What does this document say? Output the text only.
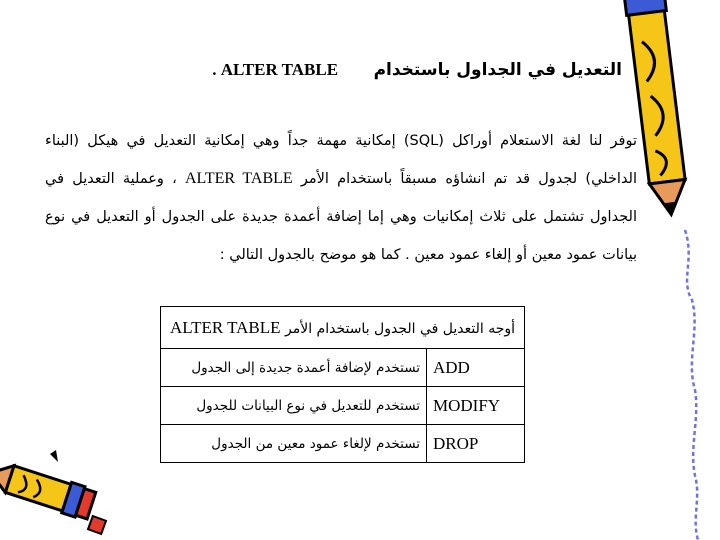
التعديل في الجداول باستخدام      ALTER TABLE .
توفر لنا لغة الاستعلام أوراكل (SQL) إمكانية مهمة جداً وهي إمكانية التعديل في هيكل (البناء الداخلي) لجدول قد تم انشاؤه مسبقاً باستخدام الأمر ALTER TABLE ، وعملية التعديل في الجداول تشتمل على ثلاث إمكانيات وهي إما إضافة أعمدة جديدة على الجدول أو التعديل في نوع بيانات عمود معين أو إلغاء عمود معين . كما هو موضح بالجدول التالي :
أوجه التعديل في الجدول باستخدام الأمر ALTER TABLE	
ADD	تستخدم لإضافة أعمدة جديدة إلى الجدول
MODIFY	تستخدم للتعديل في نوع البيانات للجدول
DROP	تستخدم لإلغاء عمود معين من الجدول
